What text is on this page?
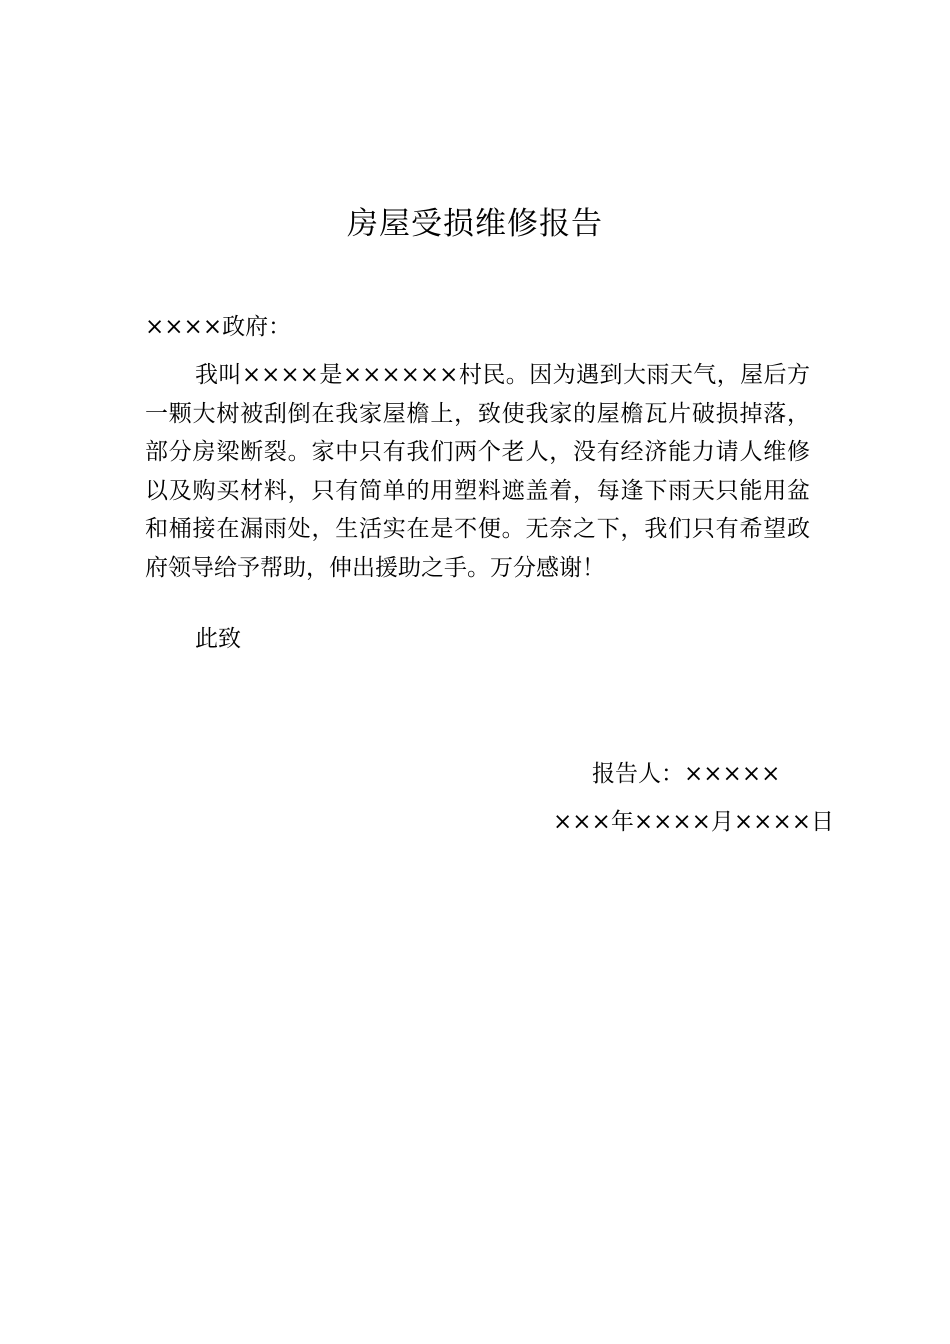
房屋受损维修报告
××××政府：

我叫××××是××××××村民。因为遇到大雨天气，屋后方一颗大树被刮倒在我家屋檐上，致使我家的屋檐瓦片破损掉落，部分房梁断裂。家中只有我们两个老人，没有经济能力请人维修以及购买材料，只有简单的用塑料遮盖着，每逢下雨天只能用盆和桶接在漏雨处，生活实在是不便。无奈之下，我们只有希望政府领导给予帮助，伸出援助之手。万分感谢！

此致
报告人：×××××
×××年××××月××××日
